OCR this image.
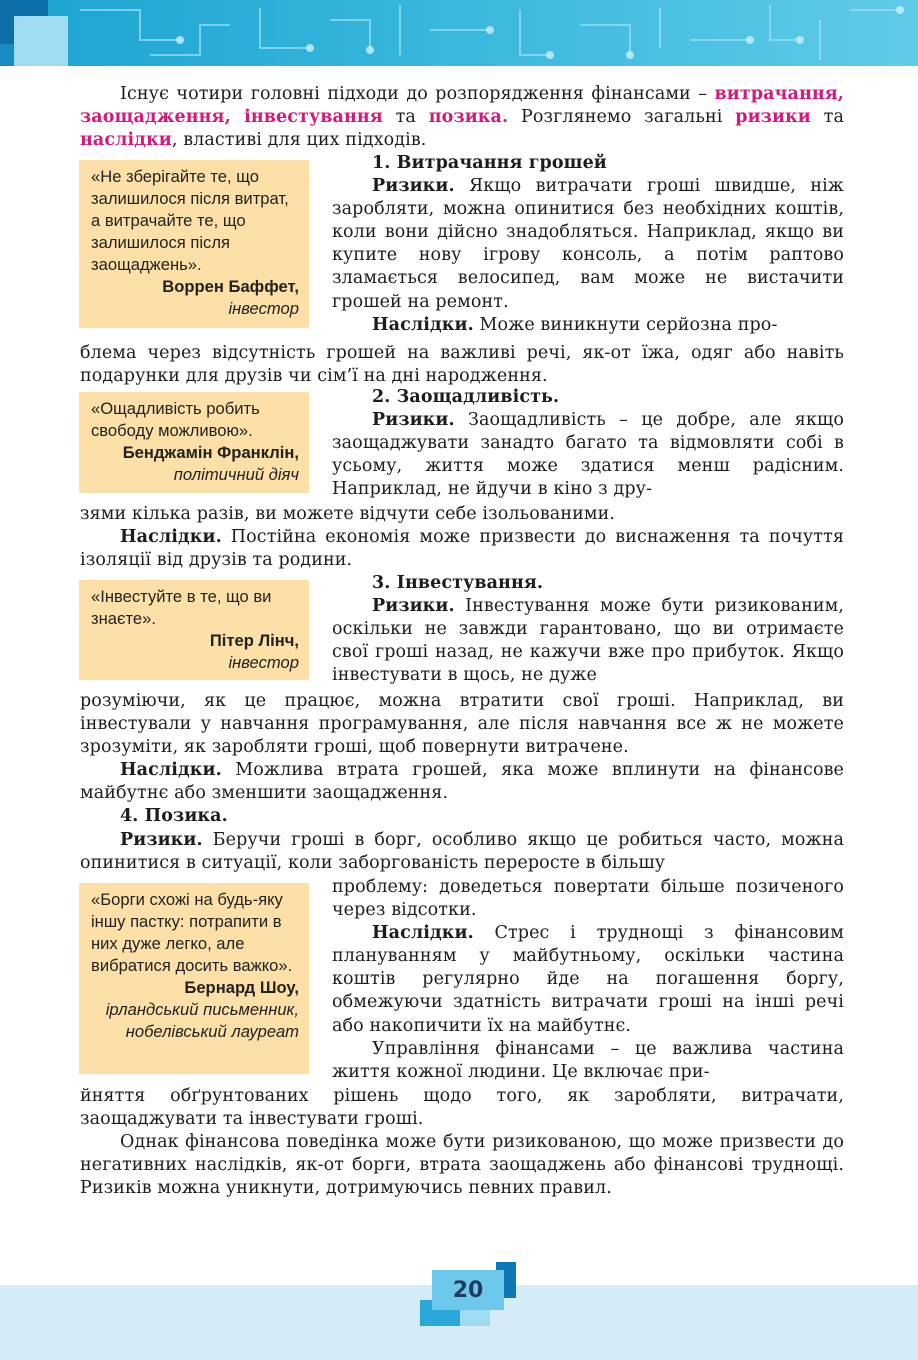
Існує чотири головні підходи до розпорядження фінансами – витрачання, заощадження, інвестування та позика. Розглянемо загальні ризики та наслідки, властиві для цих підходів.

«Не зберігайте те, що залишилося після витрат, а витрачайте те, що залишилося після заощаджень».
Воррен Баффет,
інвестор

1. Витрачання грошей

Ризики. Якщо витрачати гроші швидше, ніж заробляти, можна опинитися без необхідних коштів, коли вони дійсно знадобляться. Наприклад, якщо ви купите нову ігрову консоль, а потім раптово зламається велосипед, вам може не вистачити грошей на ремонт.

Наслідки. Може виникнути серйозна про-

блема через відсутність грошей на важливі речі, як-от їжа, одяг або навіть подарунки для друзів чи сім’ї на дні народження.

«Ощадливість робить свободу можливою».
Бенджамін Франклін,
політичний діяч

2. Заощадливість.

Ризики. Заощадливість – це добре, але якщо заощаджувати занадто багато та відмовляти собі в усьому, життя може здатися менш радісним. Наприклад, не йдучи в кіно з дру-

зями кілька разів, ви можете відчути себе ізольованими.

Наслідки. Постійна економія може призвести до виснаження та почуття ізоляції від друзів та родини.

«Інвестуйте в те, що ви знаєте».
Пітер Лінч,
інвестор

3. Інвестування.

Ризики. Інвестування може бути ризикованим, оскільки не завжди гарантовано, що ви отримаєте свої гроші назад, не кажучи вже про прибуток. Якщо інвестувати в щось, не дуже

розуміючи, як це працює, можна втратити свої гроші. Наприклад, ви інвестували у навчання програмування, але після навчання все ж не можете зрозуміти, як заробляти гроші, щоб повернути витрачене.

Наслідки. Можлива втрата грошей, яка може вплинути на фінансове майбутнє або зменшити заощадження.

4. Позика.

Ризики. Беручи гроші в борг, особливо якщо це робиться часто, можна опинитися в ситуації, коли заборгованість переросте в більшу

«Борги схожі на будь-яку іншу пастку: потрапити в них дуже легко, але вибратися досить важко».
Бернард Шоу,
ірландський письменник, нобелівський лауреат

проблему: доведеться повертати більше позиченого через відсотки.

Наслідки. Стрес і труднощі з фінансовим плануванням у майбутньому, оскільки частина коштів регулярно йде на погашення боргу, обмежуючи здатність витрачати гроші на інші речі або накопичити їх на майбутнє.

Управління фінансами – це важлива частина життя кожної людини. Це включає при-

йняття обґрунтованих рішень щодо того, як заробляти, витрачати, заощаджувати та інвестувати гроші.

Однак фінансова поведінка може бути ризикованою, що може призвести до негативних наслідків, як-от борги, втрата заощаджень або фінансові труднощі. Ризиків можна уникнути, дотримуючись певних правил.

20
